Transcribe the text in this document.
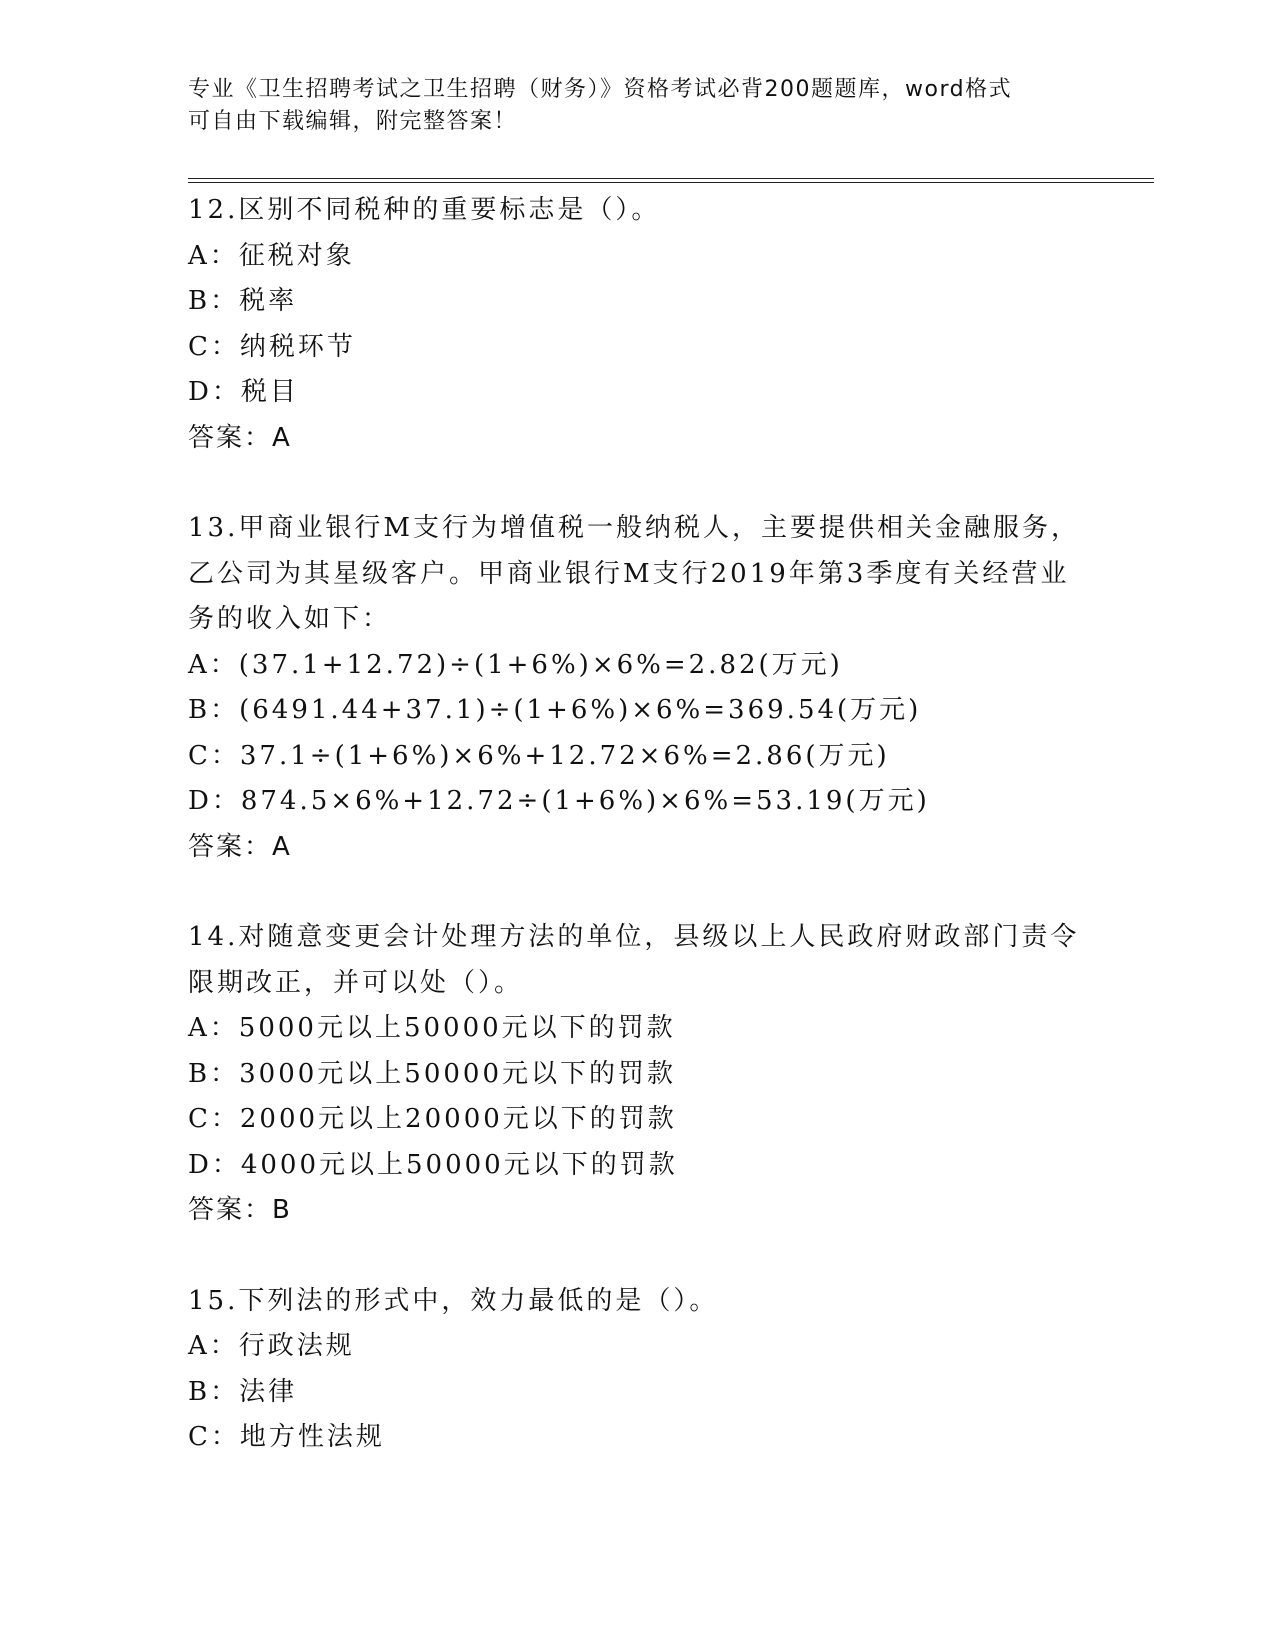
专业《卫生招聘考试之卫生招聘（财务）》资格考试必背200题题库，word格式
可自由下载编辑，附完整答案！
12.区别不同税种的重要标志是（）。
A：征税对象
B：税率
C：纳税环节
D：税目
答案：A
13.甲商业银行M支行为增值税一般纳税人，主要提供相关金融服务，
乙公司为其星级客户。甲商业银行M支行2019年第3季度有关经营业
务的收入如下：
A：(37.1+12.72)÷(1+6%)×6%=2.82(万元)
B：(6491.44+37.1)÷(1+6%)×6%=369.54(万元)
C：37.1÷(1+6%)×6%+12.72×6%=2.86(万元)
D：874.5×6%+12.72÷(1+6%)×6%=53.19(万元)
答案：A
14.对随意变更会计处理方法的单位，县级以上人民政府财政部门责令
限期改正，并可以处（）。
A：5000元以上50000元以下的罚款
B：3000元以上50000元以下的罚款
C：2000元以上20000元以下的罚款
D：4000元以上50000元以下的罚款
答案：B
15.下列法的形式中，效力最低的是（）。
A：行政法规
B：法律
C：地方性法规
